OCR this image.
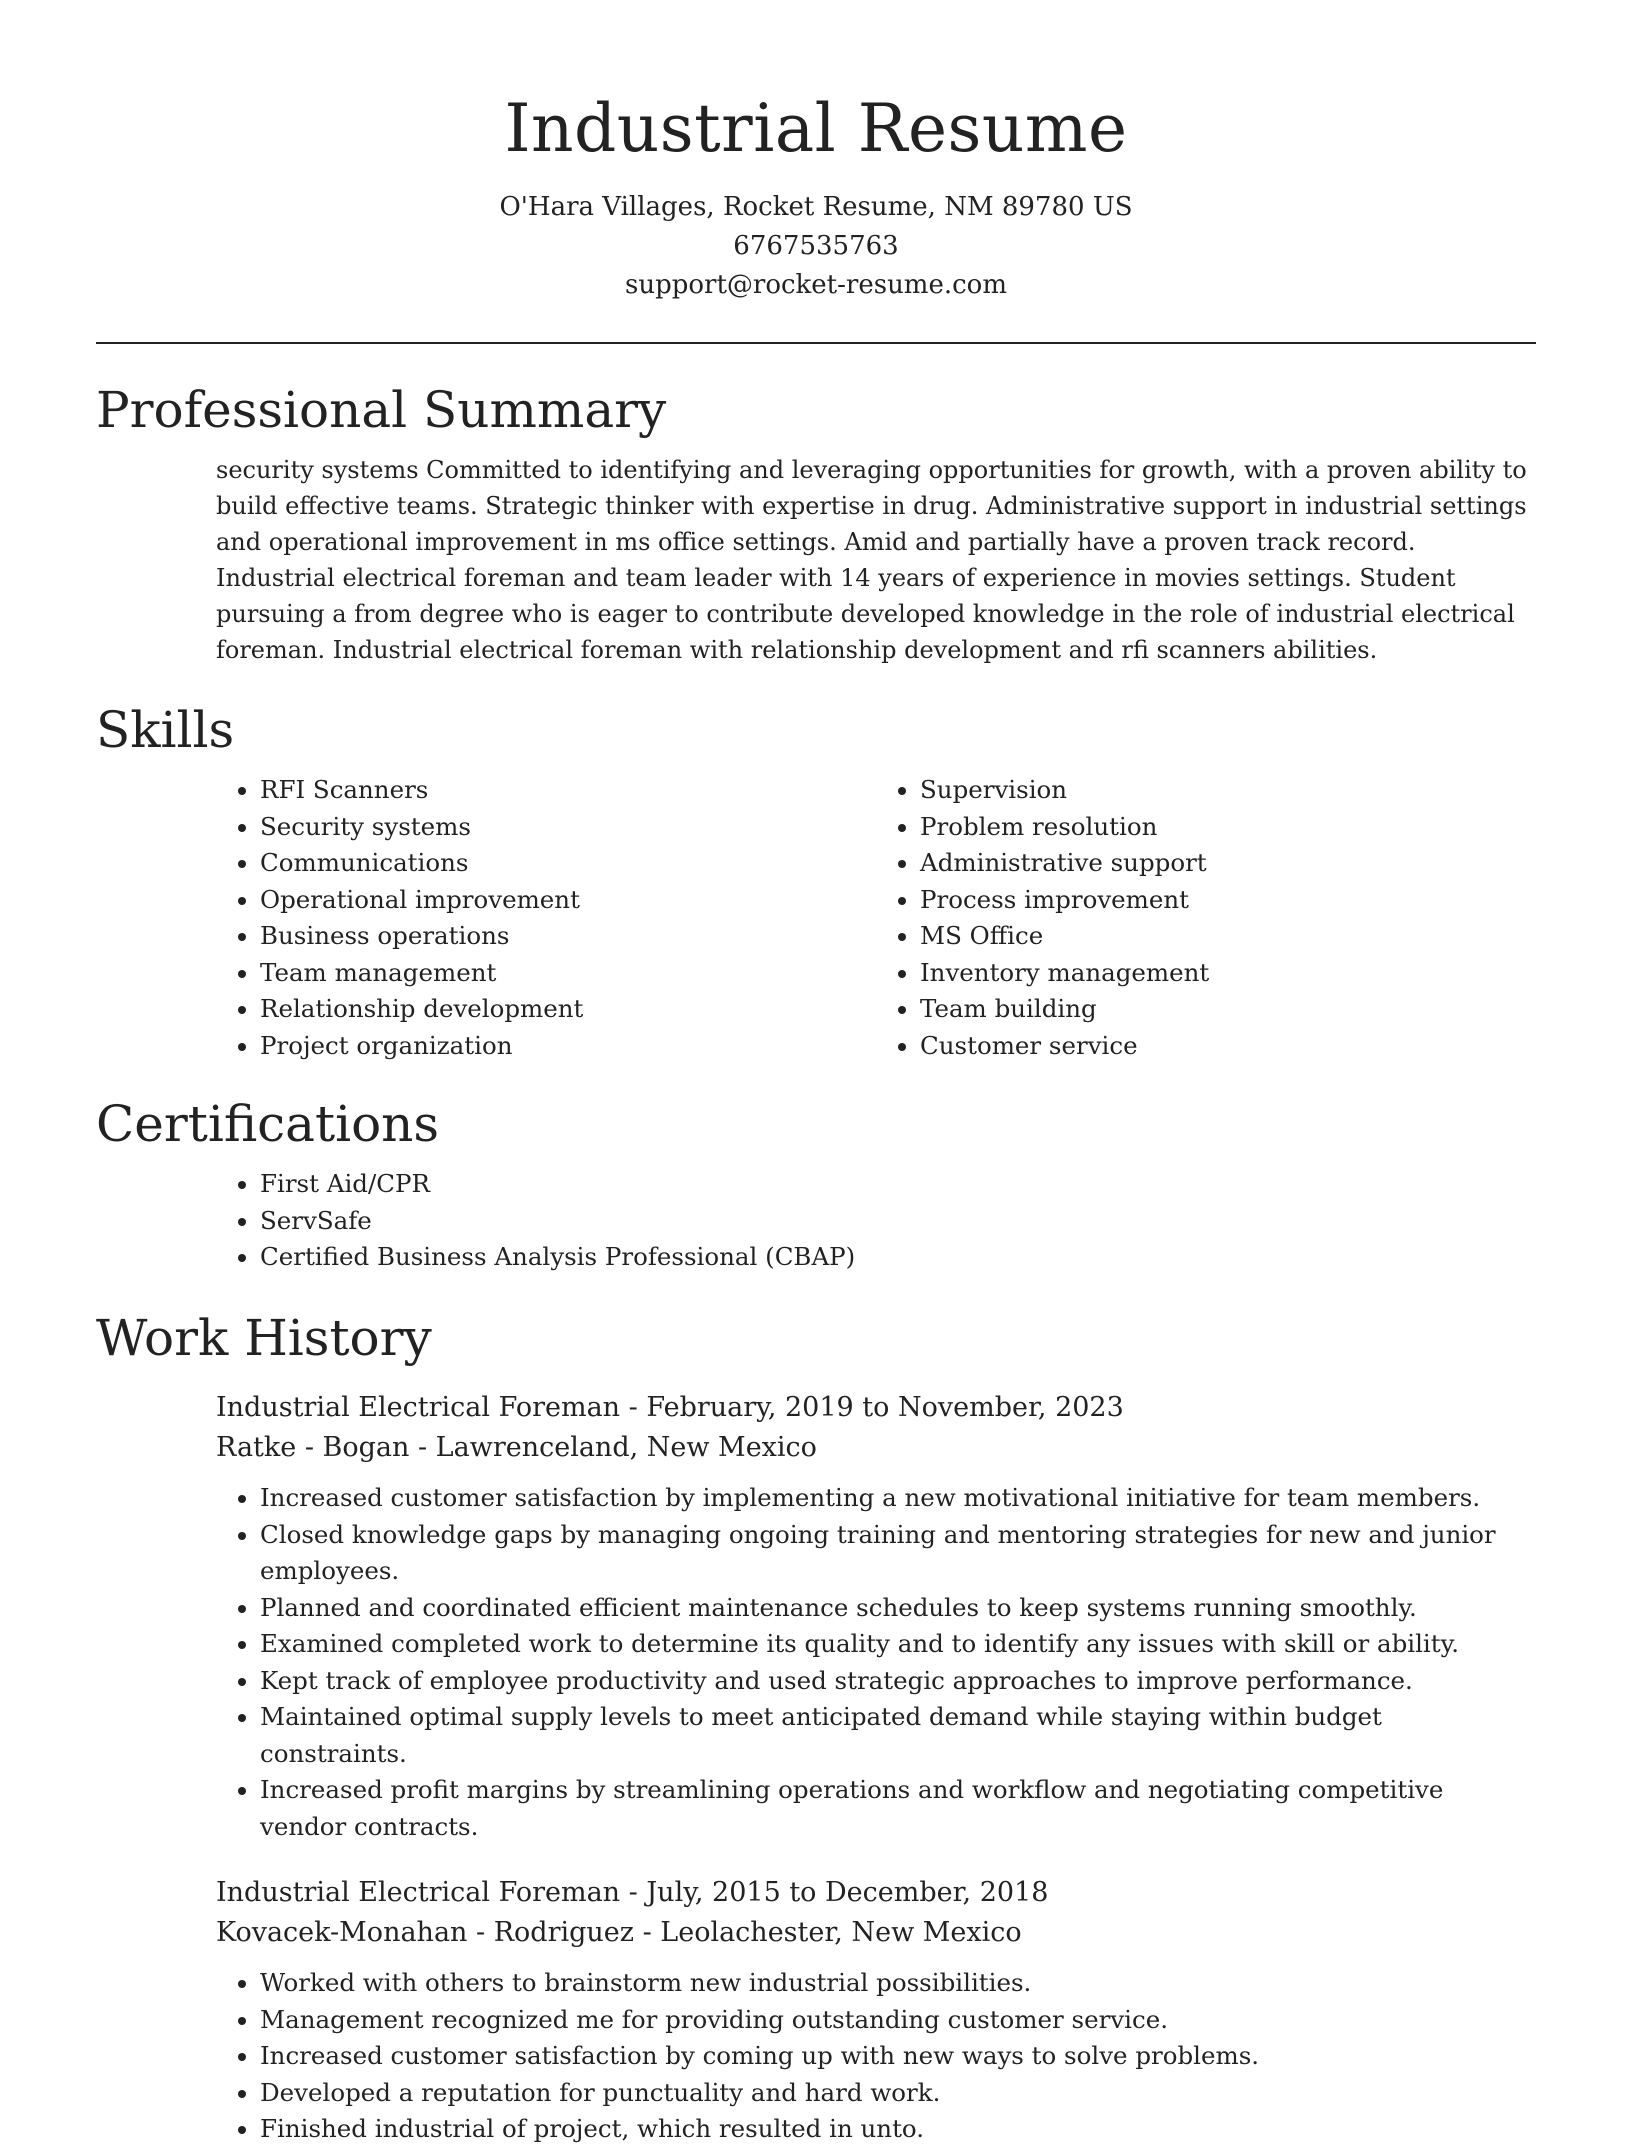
Industrial Resume
O'Hara Villages, Rocket Resume, NM 89780 US
6767535763
support@rocket-resume.com
Professional Summary

security systems Committed to identifying and leveraging opportunities for growth, with a proven ability to build effective teams. Strategic thinker with expertise in drug. Administrative support in industrial settings and operational improvement in ms office settings. Amid and partially have a proven track record. Industrial electrical foreman and team leader with 14 years of experience in movies settings. Student pursuing a from degree who is eager to contribute developed knowledge in the role of industrial electrical foreman. Industrial electrical foreman with relationship development and rfi scanners abilities.

Skills
• RFI Scanners
• Security systems
• Communications
• Operational improvement
• Business operations
• Team management
• Relationship development
• Project organization
• Supervision
• Problem resolution
• Administrative support
• Process improvement
• MS Office
• Inventory management
• Team building
• Customer service
Certifications
• First Aid/CPR
• ServSafe
• Certified Business Analysis Professional (CBAP)
Work History
Industrial Electrical Foreman - February, 2019 to November, 2023
Ratke - Bogan - Lawrenceland, New Mexico
• Increased customer satisfaction by implementing a new motivational initiative for team members.
• Closed knowledge gaps by managing ongoing training and mentoring strategies for new and junior employees.
• Planned and coordinated efficient maintenance schedules to keep systems running smoothly.
• Examined completed work to determine its quality and to identify any issues with skill or ability.
• Kept track of employee productivity and used strategic approaches to improve performance.
• Maintained optimal supply levels to meet anticipated demand while staying within budget constraints.
• Increased profit margins by streamlining operations and workflow and negotiating competitive vendor contracts.
Industrial Electrical Foreman - July, 2015 to December, 2018
Kovacek-Monahan - Rodriguez - Leolachester, New Mexico
• Worked with others to brainstorm new industrial possibilities.
• Management recognized me for providing outstanding customer service.
• Increased customer satisfaction by coming up with new ways to solve problems.
• Developed a reputation for punctuality and hard work.
• Finished industrial of project, which resulted in unto.
